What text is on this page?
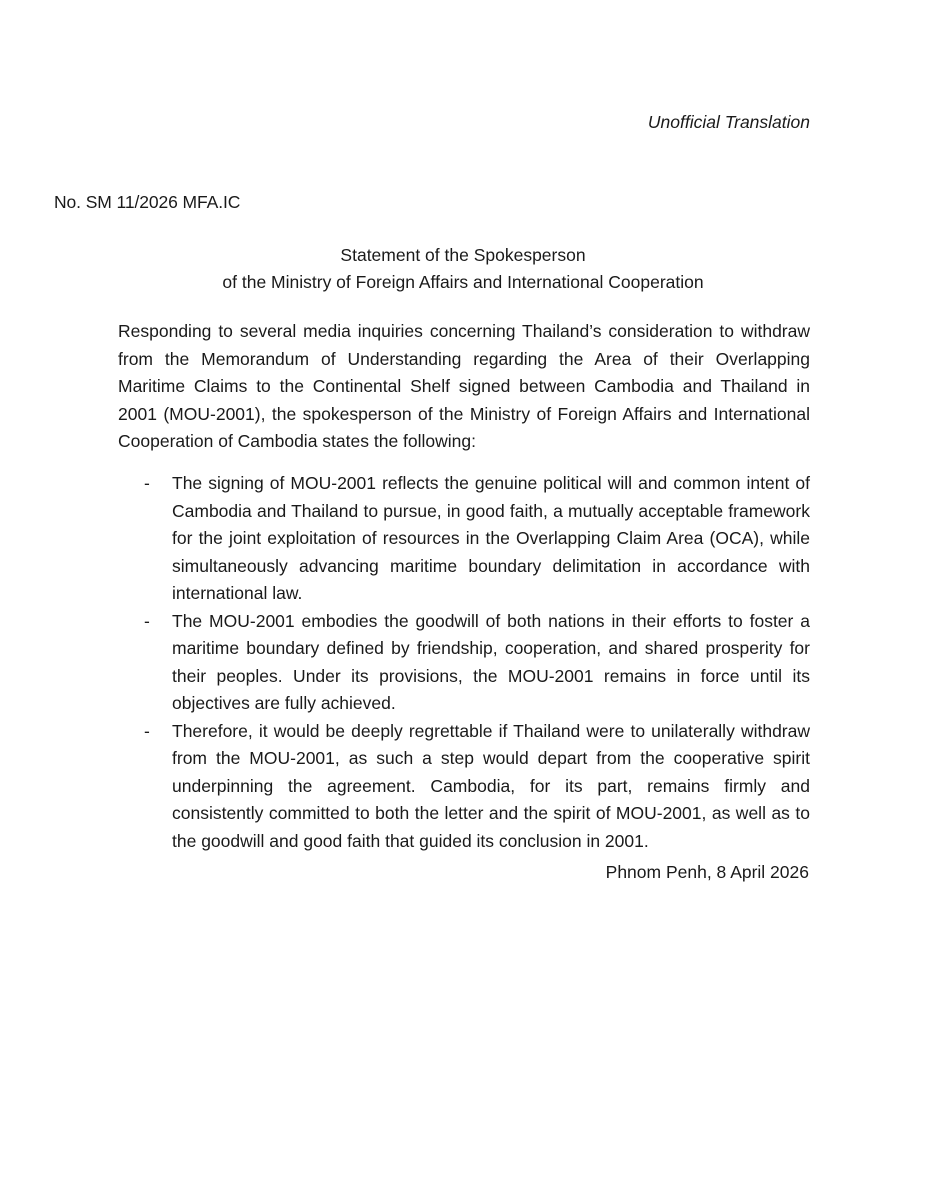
Unofficial Translation
No. SM 11/2026 MFA.IC
Statement of the Spokesperson
of the Ministry of Foreign Affairs and International Cooperation

Responding to several media inquiries concerning Thailand’s consideration to withdraw from the Memorandum of Understanding regarding the Area of their Overlapping Maritime Claims to the Continental Shelf signed between Cambodia and Thailand in 2001 (MOU-2001), the spokesperson of the Ministry of Foreign Affairs and International Cooperation of Cambodia states the following:

- The signing of MOU-2001 reflects the genuine political will and common intent of Cambodia and Thailand to pursue, in good faith, a mutually acceptable framework for the joint exploitation of resources in the Overlapping Claim Area (OCA), while simultaneously advancing maritime boundary delimitation in accordance with international law.
- The MOU-2001 embodies the goodwill of both nations in their efforts to foster a maritime boundary defined by friendship, cooperation, and shared prosperity for their peoples. Under its provisions, the MOU-2001 remains in force until its objectives are fully achieved.
- Therefore, it would be deeply regrettable if Thailand were to unilaterally withdraw from the MOU-2001, as such a step would depart from the cooperative spirit underpinning the agreement. Cambodia, for its part, remains firmly and consistently committed to both the letter and the spirit of MOU-2001, as well as to the goodwill and good faith that guided its conclusion in 2001.
Phnom Penh, 8 April 2026
